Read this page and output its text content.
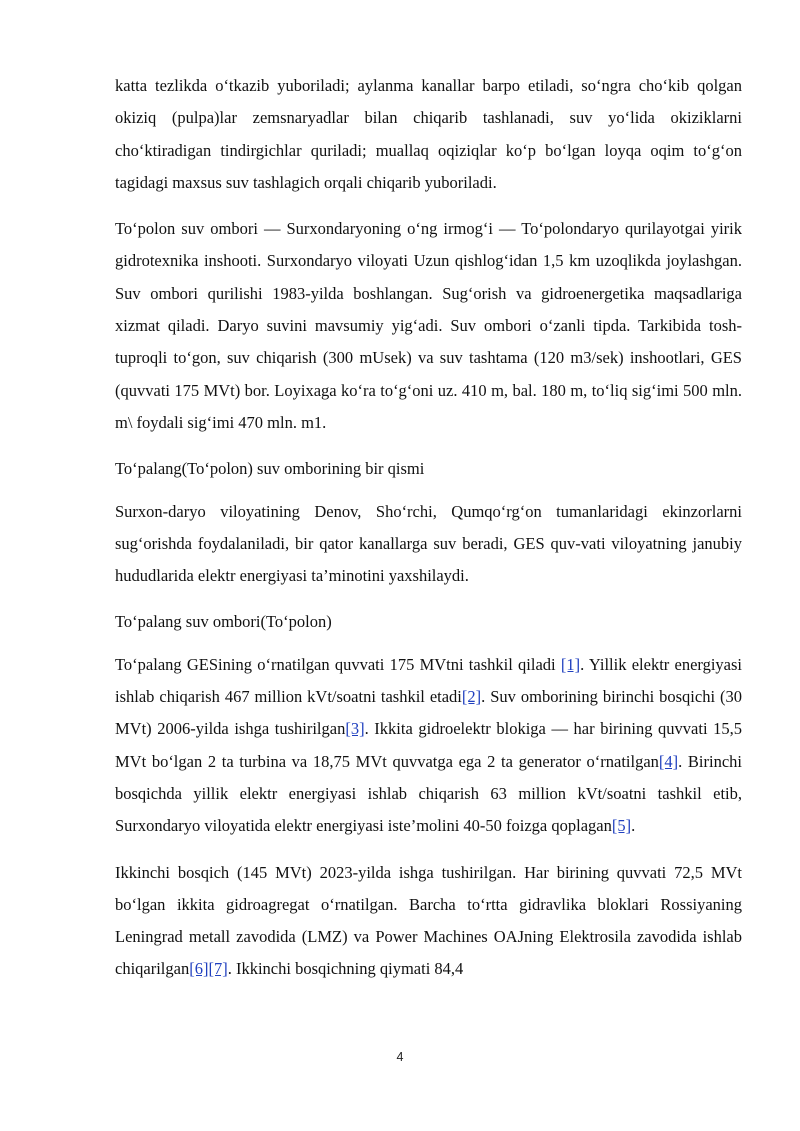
katta tezlikda o‘tkazib yuboriladi; aylanma kanallar barpo etiladi, so‘ngra cho‘kib qolgan okiziq (pulpa)lar zemsnaryadlar bilan chiqarib tashlanadi, suv yo‘lida okiziklarni cho‘ktiradigan tindirgichlar quriladi; muallaq oqiziqlar ko‘p bo‘lgan loyqa oqim to‘g‘on tagidagi maxsus suv tashlagich orqali chiqarib yuboriladi.

To‘polon suv ombori — Surxondaryoning o‘ng irmog‘i — To‘polondaryo qurilayotgai yirik gidrotexnika inshooti. Surxondaryo viloyati Uzun qishlog‘idan 1,5 km uzoqlikda joylashgan. Suv ombori qurilishi 1983-yilda boshlangan. Sug‘orish va gidroenergetika maqsadlariga xizmat qiladi. Daryo suvini mavsumiy yig‘adi. Suv ombori o‘zanli tipda. Tarkibida tosh-tuproqli to‘gon, suv chiqarish (300 mUsek) va suv tashtama (120 m3/sek) inshootlari, GES (quvvati 175 MVt) bor. Loyixaga ko‘ra to‘g‘oni uz. 410 m, bal. 180 m, to‘liq sig‘imi 500 mln. m\ foydali sig‘imi 470 mln. m1.

To‘palang(To‘polon) suv omborining bir qismi

Surxon-daryo viloyatining Denov, Sho‘rchi, Qumqo‘rg‘on tumanlaridagi ekinzorlarni sug‘orishda foydalaniladi, bir qator kanallarga suv beradi, GES quv-vati viloyatning janubiy hududlarida elektr energiyasi ta’minotini yaxshilaydi.

To‘palang suv ombori(To‘polon)

To‘palang GESining o‘rnatilgan quvvati 175 MVtni tashkil qiladi [1]. Yillik elektr energiyasi ishlab chiqarish 467 million kVt/soatni tashkil etadi[2]. Suv omborining birinchi bosqichi (30 MVt) 2006-yilda ishga tushirilgan[3]. Ikkita gidroelektr blokiga — har birining quvvati 15,5 MVt bo‘lgan 2 ta turbina va 18,75 MVt quvvatga ega 2 ta generator o‘rnatilgan[4]. Birinchi bosqichda yillik elektr energiyasi ishlab chiqarish 63 million kVt/soatni tashkil etib, Surxondaryo viloyatida elektr energiyasi iste’molini 40-50 foizga qoplagan[5].

Ikkinchi bosqich (145 MVt) 2023-yilda ishga tushirilgan. Har birining quvvati 72,5 MVt bo‘lgan ikkita gidroagregat o‘rnatilgan. Barcha to‘rtta gidravlika bloklari Rossiyaning Leningrad metall zavodida (LMZ) va Power Machines OAJning Elektrosila zavodida ishlab chiqarilgan[6][7]. Ikkinchi bosqichning qiymati 84,4

4
